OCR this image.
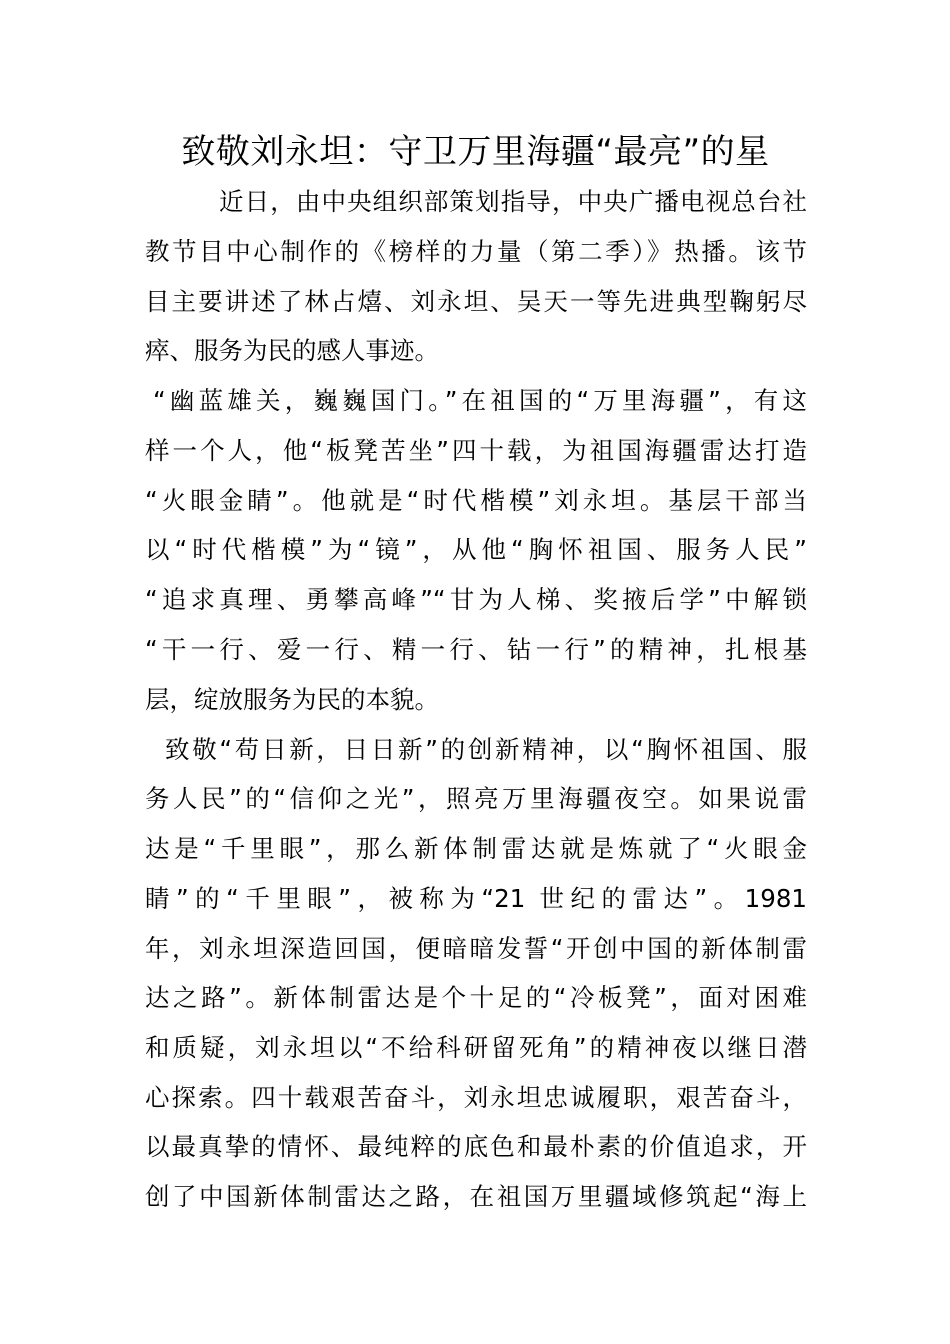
致敬刘永坦：守卫万里海疆“最亮”的星

近日，由中央组织部策划指导，中央广播电视总台社

教节目中心制作的《榜样的力量（第二季）》热播。该节

目主要讲述了林占熺、刘永坦、吴天一等先进典型鞠躬尽

瘁、服务为民的感人事迹。

“幽蓝雄关，巍巍国门。”在祖国的“万里海疆”，有这

样一个人，他“板凳苦坐”四十载，为祖国海疆雷达打造

“火眼金睛”。他就是“时代楷模”刘永坦。基层干部当

以“时代楷模”为“镜”，从他“胸怀祖国、服务人民”

“追求真理、勇攀高峰”“甘为人梯、奖掖后学”中解锁

“干一行、爱一行、精一行、钻一行”的精神，扎根基

层，绽放服务为民的本貌。

致敬“苟日新，日日新”的创新精神，以“胸怀祖国、服

务人民”的“信仰之光”，照亮万里海疆夜空。如果说雷

达是“千里眼”，那么新体制雷达就是炼就了“火眼金

睛”的“千里眼”，被称为“21 世纪的雷达”。1981

年，刘永坦深造回国，便暗暗发誓“开创中国的新体制雷

达之路”。新体制雷达是个十足的“冷板凳”，面对困难

和质疑，刘永坦以“不给科研留死角”的精神夜以继日潜

心探索。四十载艰苦奋斗，刘永坦忠诚履职，艰苦奋斗，

以最真挚的情怀、最纯粹的底色和最朴素的价值追求，开

创了中国新体制雷达之路，在祖国万里疆域修筑起“海上
